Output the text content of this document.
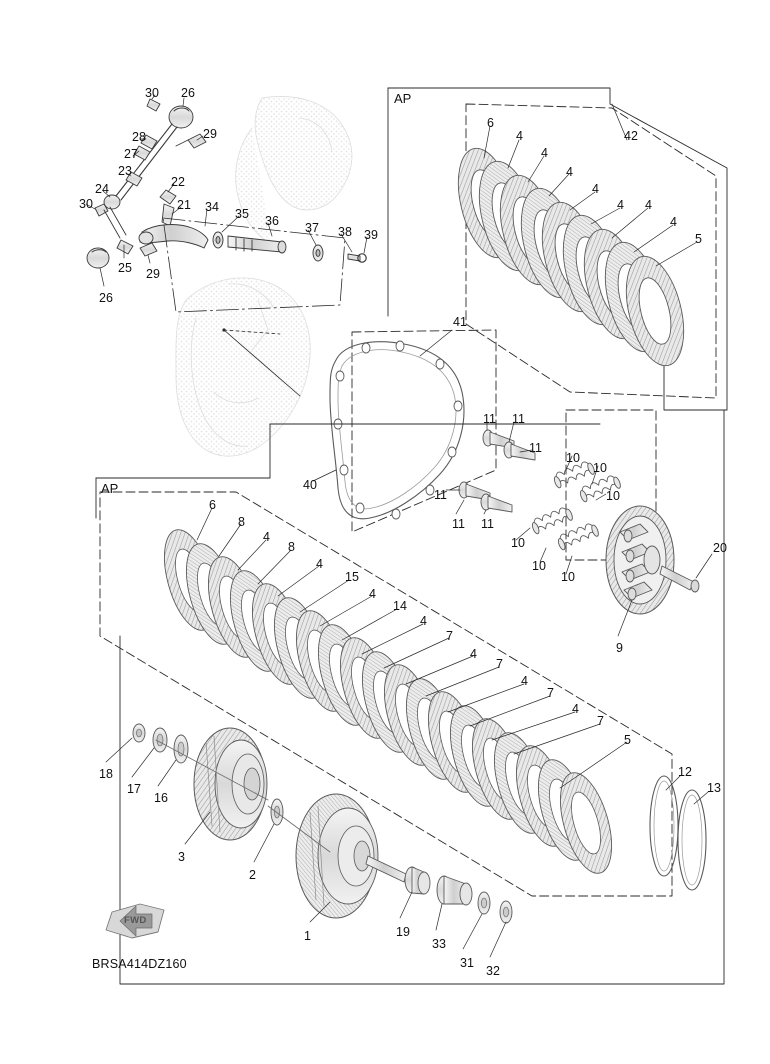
AP
AP
30 26
28	29
27
23
22
24
21 34 35 36 37 38 39
30
25 29
26
6
4	42
4
4
4
4 4
4
5
41
11 11
11
10
10
10
11
11 11
10
10
10
20
9
40
6
8
4
8
4
15
4
14
4
7
4
7
4
7
4
7
5
18
17
16
3
2
1	19
33
31
32
12
13
FWD
BRSA414DZ160
